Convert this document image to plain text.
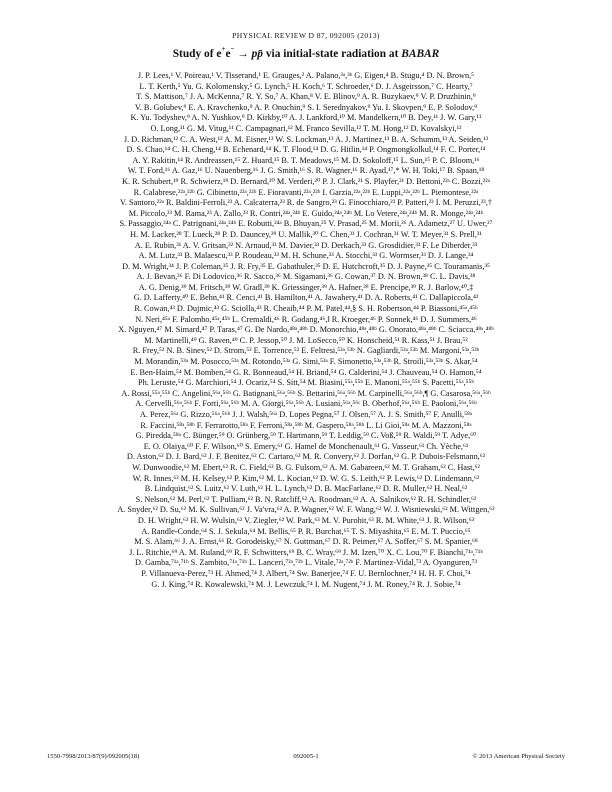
PHYSICAL REVIEW D 87, 092005 (2013)
Study of e+e− → pp̄ via initial-state radiation at BABAR
J. P. Lees,¹ V. Poireau,¹ V. Tisserand,¹ E. Grauges,² A. Palano,³ᵃ,³ᵇ G. Eigen,⁴ B. Stugu,⁴ D. N. Brown,⁵
L. T. Kerth,⁵ Yu. G. Kolomensky,⁵ G. Lynch,⁵ H. Koch,⁶ T. Schroeder,⁶ D. J. Asgeirsson,⁷ C. Hearty,⁷
T. S. Mattison,⁷ J. A. McKenna,⁷ R. Y. So,⁷ A. Khan,⁸ V. E. Blinov,⁹ A. R. Buzykaev,⁹ V. P. Druzhinin,⁹
V. B. Golubev,⁹ E. A. Kravchenko,⁹ A. P. Onuchin,⁹ S. I. Serednyakov,⁹ Yu. I. Skovpen,⁹ E. P. Solodov,⁹
K. Yu. Todyshev,⁹ A. N. Yushkov,⁹ D. Kirkby,¹⁰ A. J. Lankford,¹⁰ M. Mandelkern,¹⁰ B. Dey,¹¹ J. W. Gary,¹¹
O. Long,¹¹ G. M. Vitug,¹¹ C. Campagnari,¹² M. Franco Sevilla,¹² T. M. Hong,¹² D. Kovalskyi,¹²
J. D. Richman,¹² C. A. West,¹² A. M. Eisner,¹³ W. S. Lockman,¹³ A. J. Martinez,¹³ B. A. Schumm,¹³ A. Seiden,¹³
D. S. Chao,¹⁴ C. H. Cheng,¹⁴ B. Echenard,¹⁴ K. T. Flood,¹⁴ D. G. Hitlin,¹⁴ P. Ongmongkolkul,¹⁴ F. C. Porter,¹⁴
A. Y. Rakitin,¹⁴ R. Andreassen,¹⁵ Z. Huard,¹⁵ B. T. Meadows,¹⁵ M. D. Sokoloff,¹⁵ L. Sun,¹⁵ P. C. Bloom,¹⁶
W. T. Ford,¹⁶ A. Gaz,¹⁶ U. Nauenberg,¹⁶ J. G. Smith,¹⁶ S. R. Wagner,¹⁶ R. Ayad,¹⁷,* W. H. Toki,¹⁷ B. Spaan,¹⁸
K. R. Schubert,¹⁹ R. Schwierz,¹⁹ D. Bernard,²⁰ M. Verderi,²⁰ P. J. Clark,²¹ S. Playfer,²¹ D. Bettoni,²²ᵃ C. Bozzi,²²ᵃ
R. Calabrese,²²ᵃ,²²ᵇ G. Cibinetto,²²ᵃ,²²ᵇ E. Fioravanti,²²ᵃ,²²ᵇ I. Garzia,²²ᵃ,²²ᵇ E. Luppi,²²ᵃ,²²ᵇ L. Piemontese,²²ᵃ
V. Santoro,²²ᵃ R. Baldini-Ferroli,²³ A. Calcaterra,²³ R. de Sangro,²³ G. Finocchiaro,²³ P. Patteri,²³ I. M. Peruzzi,²³,†
M. Piccolo,²³ M. Rama,²³ A. Zallo,²³ R. Contri,²⁴ᵃ,²⁴ᵇ E. Guido,²⁴ᵃ,²⁴ᵇ M. Lo Vetere,²⁴ᵃ,²⁴ᵇ M. R. Monge,²⁴ᵃ,²⁴ᵇ
S. Passaggio,²⁴ᵃ C. Patrignani,²⁴ᵃ,²⁴ᵇ E. Robutti,²⁴ᵃ B. Bhuyan,²⁵ V. Prasad,²⁵ M. Morii,²⁶ A. Adametz,²⁷ U. Uwer,²⁷
H. M. Lacker,²⁸ T. Lueck,²⁸ P. D. Dauncey,²⁹ U. Mallik,³⁰ C. Chen,³¹ J. Cochran,³¹ W. T. Meyer,³¹ S. Prell,³¹
A. E. Rubin,³¹ A. V. Gritsan,³² N. Arnaud,³³ M. Davier,³³ D. Derkach,³³ G. Grosdidier,³³ F. Le Diberder,³³
A. M. Lutz,³³ B. Malaescu,³³ P. Roudeau,³³ M. H. Schune,³³ A. Stocchi,³³ G. Wormser,³³ D. J. Lange,³⁴
D. M. Wright,³⁴ J. P. Coleman,³⁵ J. R. Fry,³⁵ E. Gabathuler,³⁵ D. E. Hutchcroft,³⁵ D. J. Payne,³⁵ C. Touramanis,³⁵
A. J. Bevan,³⁶ F. Di Lodovico,³⁶ R. Sacco,³⁶ M. Sigamani,³⁶ G. Cowan,³⁷ D. N. Brown,³⁸ C. L. Davis,³⁸
A. G. Denig,³⁹ M. Fritsch,³⁹ W. Gradl,³⁹ K. Griessinger,³⁹ A. Hafner,³⁹ E. Prencipe,³⁹ R. J. Barlow,⁴⁰,‡
G. D. Lafferty,⁴⁰ E. Behn,⁴¹ R. Cenci,⁴¹ B. Hamilton,⁴¹ A. Jawahery,⁴¹ D. A. Roberts,⁴¹ C. Dallapiccola,⁴²
R. Cowan,⁴³ D. Dujmic,⁴³ G. Sciolla,⁴³ R. Cheaib,⁴⁴ P. M. Patel,⁴⁴,§ S. H. Robertson,⁴⁴ P. Biassoni,⁴⁵ᵃ,⁴⁵ᵇ
N. Neri,⁴⁵ᵃ F. Palombo,⁴⁵ᵃ,⁴⁵ᵇ L. Cremaldi,⁴⁶ R. Godang,⁴⁶,‖ R. Kroeger,⁴⁶ P. Sonnek,⁴⁶ D. J. Summers,⁴⁶
X. Nguyen,⁴⁷ M. Simard,⁴⁷ P. Taras,⁴⁷ G. De Nardo,⁴⁸ᵃ,⁴⁸ᵇ D. Monorchio,⁴⁸ᵃ,⁴⁸ᵇ G. Onorato,⁴⁸ᵃ,⁴⁸ᵇ C. Sciacca,⁴⁸ᵃ,⁴⁸ᵇ
M. Martinelli,⁴⁹ G. Raven,⁴⁹ C. P. Jessop,⁵⁰ J. M. LoSecco,⁵⁰ K. Honscheid,⁵¹ R. Kass,⁵¹ J. Brau,⁵²
R. Frey,⁵² N. B. Sinev,⁵² D. Strom,⁵² E. Torrence,⁵² E. Feltresi,⁵³ᵃ,⁵³ᵇ N. Gagliardi,⁵³ᵃ,⁵³ᵇ M. Margoni,⁵³ᵃ,⁵³ᵇ
M. Morandin,⁵³ᵃ M. Posocco,⁵³ᵃ M. Rotondo,⁵³ᵃ G. Simi,⁵³ᵃ F. Simonetto,⁵³ᵃ,⁵³ᵇ R. Stroili,⁵³ᵃ,⁵³ᵇ S. Akar,⁵⁴
E. Ben-Haim,⁵⁴ M. Bomben,⁵⁴ G. R. Bonneaud,⁵⁴ H. Briand,⁵⁴ G. Calderini,⁵⁴ J. Chauveau,⁵⁴ O. Hamon,⁵⁴
Ph. Leruste,⁵⁴ G. Marchiori,⁵⁴ J. Ocariz,⁵⁴ S. Sitt,⁵⁴ M. Biasini,⁵⁵ᵃ,⁵⁵ᵇ E. Manoni,⁵⁵ᵃ,⁵⁵ᵇ S. Pacetti,⁵⁵ᵃ,⁵⁵ᵇ
A. Rossi,⁵⁵ᵃ,⁵⁵ᵇ C. Angelini,⁵⁶ᵃ,⁵⁶ᵇ G. Batignani,⁵⁶ᵃ,⁵⁶ᵇ S. Bettarini,⁵⁶ᵃ,⁵⁶ᵇ M. Carpinelli,⁵⁶ᵃ,⁵⁶ᵇ,¶ G. Casarosa,⁵⁶ᵃ,⁵⁶ᵇ
A. Cervelli,⁵⁶ᵃ,⁵⁶ᵇ F. Forti,⁵⁶ᵃ,⁵⁶ᵇ M. A. Giorgi,⁵⁶ᵃ,⁵⁶ᵇ A. Lusiani,⁵⁶ᵃ,⁵⁶ᶜ B. Oberhof,⁵⁶ᵃ,⁵⁶ᵇ E. Paoloni,⁵⁶ᵃ,⁵⁶ᵇ
A. Perez,⁵⁶ᵃ G. Rizzo,⁵⁶ᵃ,⁵⁶ᵇ J. J. Walsh,⁵⁶ᵃ D. Lopes Pegna,⁵⁷ J. Olsen,⁵⁷ A. J. S. Smith,⁵⁷ F. Anulli,⁵⁸ᵃ
R. Faccini,⁵⁸ᵃ,⁵⁸ᵇ F. Ferrarotto,⁵⁸ᵃ F. Ferroni,⁵⁸ᵃ,⁵⁸ᵇ M. Gaspero,⁵⁸ᵃ,⁵⁸ᵇ L. Li Gioi,⁵⁸ᵃ M. A. Mazzoni,⁵⁸ᵃ
G. Piredda,⁵⁸ᵃ C. Bünger,⁵⁹ O. Grünberg,⁵⁹ T. Hartmann,⁵⁹ T. Leddig,⁵⁹ C. Voß,⁵⁹ R. Waldi,⁵⁹ T. Adye,⁶⁰
E. O. Olaiya,⁶⁰ F. F. Wilson,⁶⁰ S. Emery,⁶¹ G. Hamel de Monchenault,⁶¹ G. Vasseur,⁶¹ Ch. Yèche,⁶¹
D. Aston,⁶² D. J. Bard,⁶² J. F. Benitez,⁶² C. Cartaro,⁶² M. R. Convery,⁶² J. Dorfan,⁶² G. P. Dubois-Felsmann,⁶²
W. Dunwoodie,⁶² M. Ebert,⁶² R. C. Field,⁶² B. G. Fulsom,⁶² A. M. Gabareen,⁶² M. T. Graham,⁶² C. Hast,⁶²
W. R. Innes,⁶² M. H. Kelsey,⁶² P. Kim,⁶² M. L. Kocian,⁶² D. W. G. S. Leith,⁶² P. Lewis,⁶² D. Lindemann,⁶²
B. Lindquist,⁶² S. Luitz,⁶² V. Luth,⁶² H. L. Lynch,⁶² D. B. MacFarlane,⁶² D. R. Muller,⁶² H. Neal,⁶²
S. Nelson,⁶² M. Perl,⁶² T. Pulliam,⁶² B. N. Ratcliff,⁶² A. Roodman,⁶² A. A. Salnikov,⁶² R. H. Schindler,⁶²
A. Snyder,⁶² D. Su,⁶² M. K. Sullivan,⁶² J. Va'vra,⁶² A. P. Wagner,⁶² W. F. Wang,⁶² W. J. Wisniewski,⁶² M. Wittgen,⁶²
D. H. Wright,⁶² H. W. Wulsin,⁶² V. Ziegler,⁶² W. Park,⁶³ M. V. Purohit,⁶³ R. M. White,⁶³ J. R. Wilson,⁶³
A. Randle-Conde,⁶⁴ S. J. Sekula,⁶⁴ M. Bellis,⁶⁵ P. R. Burchat,⁶⁵ T. S. Miyashita,⁶⁵ E. M. T. Puccio,⁶⁵
M. S. Alam,⁶⁶ J. A. Ernst,⁶⁶ R. Gorodeisky,⁶⁷ N. Guttman,⁶⁷ D. R. Peimer,⁶⁷ A. Soffer,⁶⁷ S. M. Spanier,⁶⁸
J. L. Ritchie,⁶⁹ A. M. Ruland,⁶⁹ R. F. Schwitters,⁶⁹ B. C. Wray,⁶⁹ J. M. Izen,⁷⁰ X. C. Lou,⁷⁰ F. Bianchi,⁷¹ᵃ,⁷¹ᵇ
D. Gamba,⁷¹ᵃ,⁷¹ᵇ S. Zambito,⁷¹ᵃ,⁷¹ᵇ L. Lanceri,⁷²ᵃ,⁷²ᵇ L. Vitale,⁷²ᵃ,⁷²ᵇ F. Martinez-Vidal,⁷³ A. Oyanguren,⁷³
P. Villanueva-Perez,⁷³ H. Ahmed,⁷⁴ J. Albert,⁷⁴ Sw. Banerjee,⁷⁴ F. U. Bernlochner,⁷⁴ H. H. F. Choi,⁷⁴
G. J. King,⁷⁴ R. Kowalewski,⁷⁴ M. J. Lewczuk,⁷⁴ I. M. Nugent,⁷⁴ J. M. Roney,⁷⁴ R. J. Sobie,⁷⁴
1550-7998/2013/87(9)/092005(18)	092005-1	© 2013 American Physical Society
